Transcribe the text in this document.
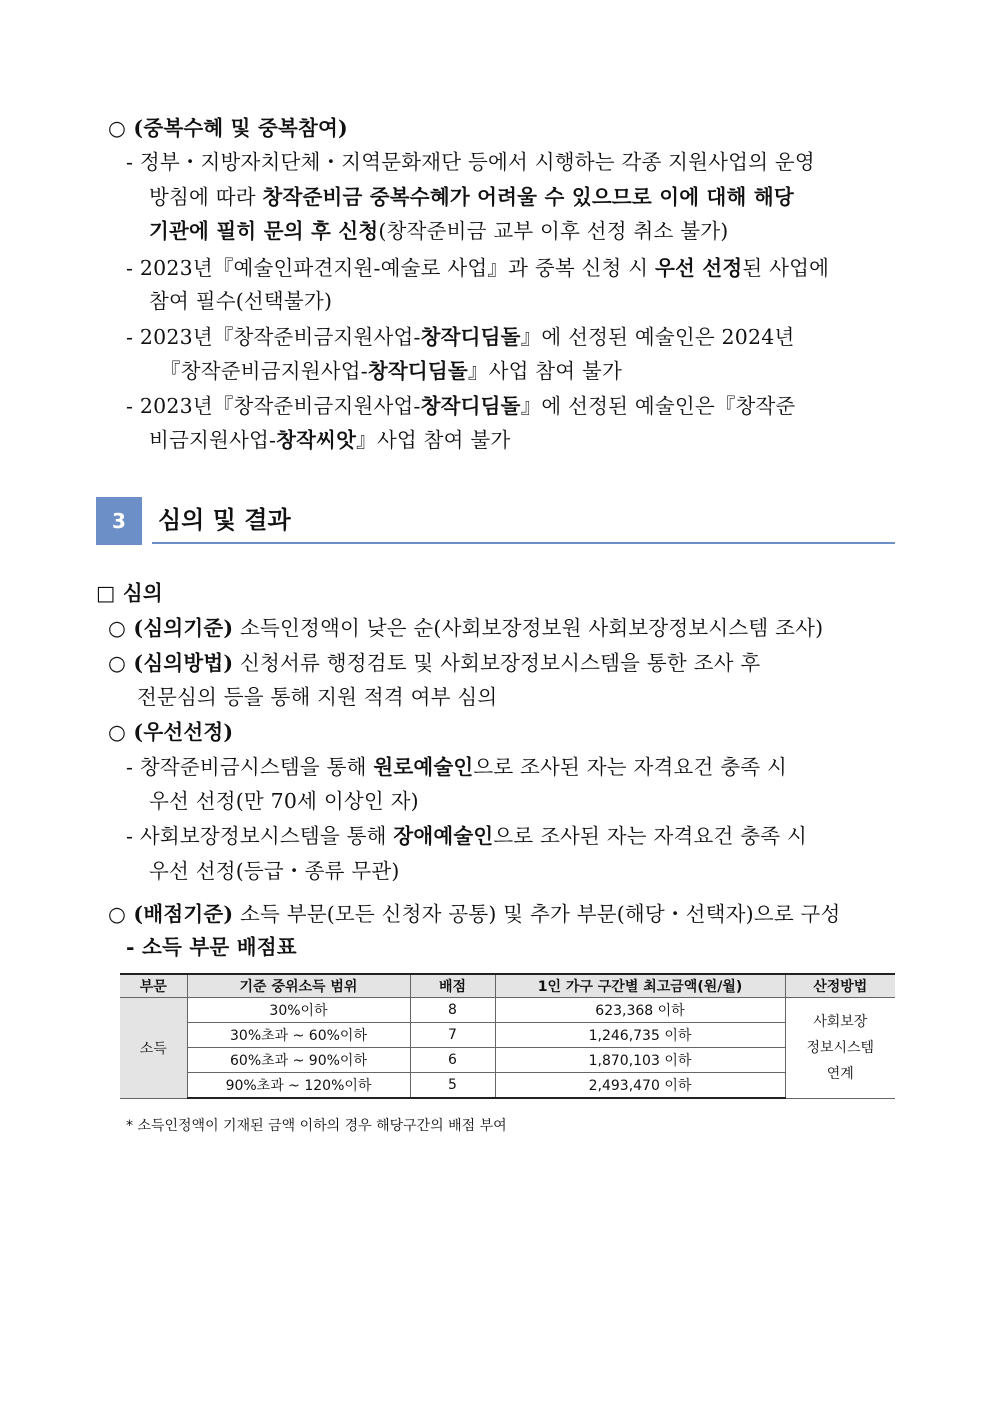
○ (중복수혜 및 중복참여)
- 정부・지방자치단체・지역문화재단 등에서 시행하는 각종 지원사업의 운영
방침에 따라 창작준비금 중복수혜가 어려울 수 있으므로 이에 대해 해당
기관에 필히 문의 후 신청(창작준비금 교부 이후 선정 취소 불가)
- 2023년『예술인파견지원-예술로 사업』과 중복 신청 시 우선 선정된 사업에
참여 필수(선택불가)
- 2023년『창작준비금지원사업-창작디딤돌』에 선정된 예술인은 2024년
『창작준비금지원사업-창작디딤돌』사업 참여 불가
- 2023년『창작준비금지원사업-창작디딤돌』에 선정된 예술인은『창작준
비금지원사업-창작씨앗』사업 참여 불가
3	심의 및 결과
□ 심의
○ (심의기준) 소득인정액이 낮은 순(사회보장정보원 사회보장정보시스템 조사)
○ (심의방법) 신청서류 행정검토 및 사회보장정보시스템을 통한 조사 후
전문심의 등을 통해 지원 적격 여부 심의
○ (우선선정)
- 창작준비금시스템을 통해 원로예술인으로 조사된 자는 자격요건 충족 시
우선 선정(만 70세 이상인 자)
- 사회보장정보시스템을 통해 장애예술인으로 조사된 자는 자격요건 충족 시
우선 선정(등급・종류 무관)
○ (배점기준) 소득 부문(모든 신청자 공통) 및 추가 부문(해당・선택자)으로 구성
- 소득 부문 배점표
부문	기준 중위소득 범위	배점	1인 가구 구간별 최고금액(원/월)	산정방법
소득	30%이하	8	623,368 이하	사회보장
정보시스템
연계

	30%초과 ~ 60%이하	7	1,246,735 이하	
	60%초과 ~ 90%이하	6	1,870,103 이하	
	90%초과 ~ 120%이하	5	2,493,470 이하	
* 소득인정액이 기재된 금액 이하의 경우 해당구간의 배점 부여
